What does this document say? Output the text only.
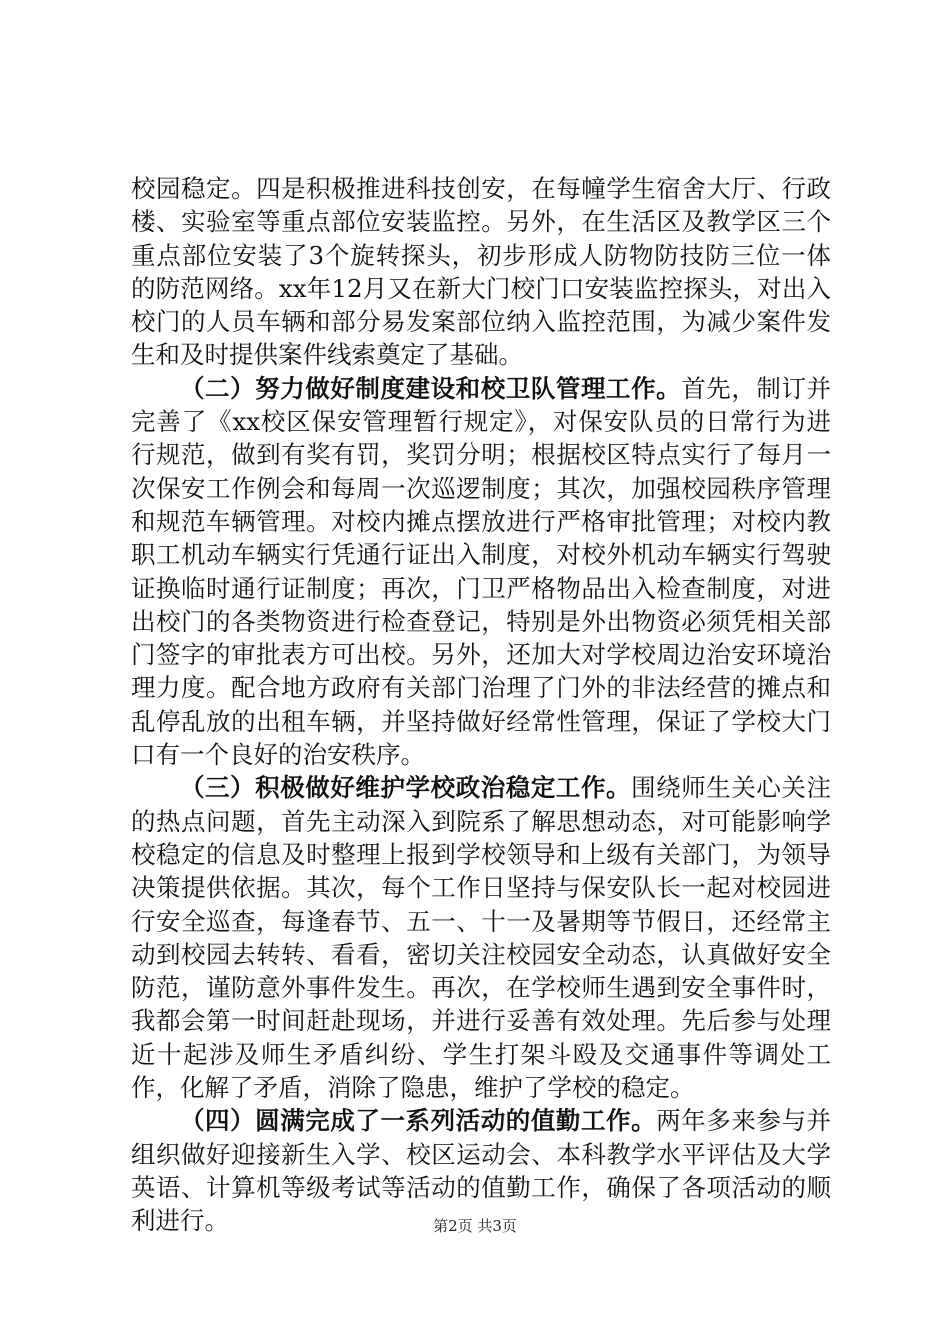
校园稳定。四是积极推进科技创安，在每幢学生宿舍大厅、行政楼、实验室等重点部位安装监控。另外，在生活区及教学区三个重点部位安装了3个旋转探头，初步形成人防物防技防三位一体的防范网络。xx年12月又在新大门校门口安装监控探头，对出入校门的人员车辆和部分易发案部位纳入监控范围，为减少案件发生和及时提供案件线索奠定了基础。

（二）努力做好制度建设和校卫队管理工作。首先，制订并完善了《xx校区保安管理暂行规定》，对保安队员的日常行为进行规范，做到有奖有罚，奖罚分明；根据校区特点实行了每月一次保安工作例会和每周一次巡逻制度；其次，加强校园秩序管理和规范车辆管理。对校内摊点摆放进行严格审批管理；对校内教职工机动车辆实行凭通行证出入制度，对校外机动车辆实行驾驶证换临时通行证制度；再次，门卫严格物品出入检查制度，对进出校门的各类物资进行检查登记，特别是外出物资必须凭相关部门签字的审批表方可出校。另外，还加大对学校周边治安环境治理力度。配合地方政府有关部门治理了门外的非法经营的摊点和乱停乱放的出租车辆，并坚持做好经常性管理，保证了学校大门口有一个良好的治安秩序。

（三）积极做好维护学校政治稳定工作。围绕师生关心关注的热点问题，首先主动深入到院系了解思想动态，对可能影响学校稳定的信息及时整理上报到学校领导和上级有关部门，为领导决策提供依据。其次，每个工作日坚持与保安队长一起对校园进行安全巡查，每逢春节、五一、十一及暑期等节假日，还经常主动到校园去转转、看看，密切关注校园安全动态，认真做好安全防范，谨防意外事件发生。再次，在学校师生遇到安全事件时，我都会第一时间赶赴现场，并进行妥善有效处理。先后参与处理近十起涉及师生矛盾纠纷、学生打架斗殴及交通事件等调处工作，化解了矛盾，消除了隐患，维护了学校的稳定。

（四）圆满完成了一系列活动的值勤工作。两年多来参与并组织做好迎接新生入学、校区运动会、本科教学水平评估及大学英语、计算机等级考试等活动的值勤工作，确保了各项活动的顺利进行。	第2页 共3页
